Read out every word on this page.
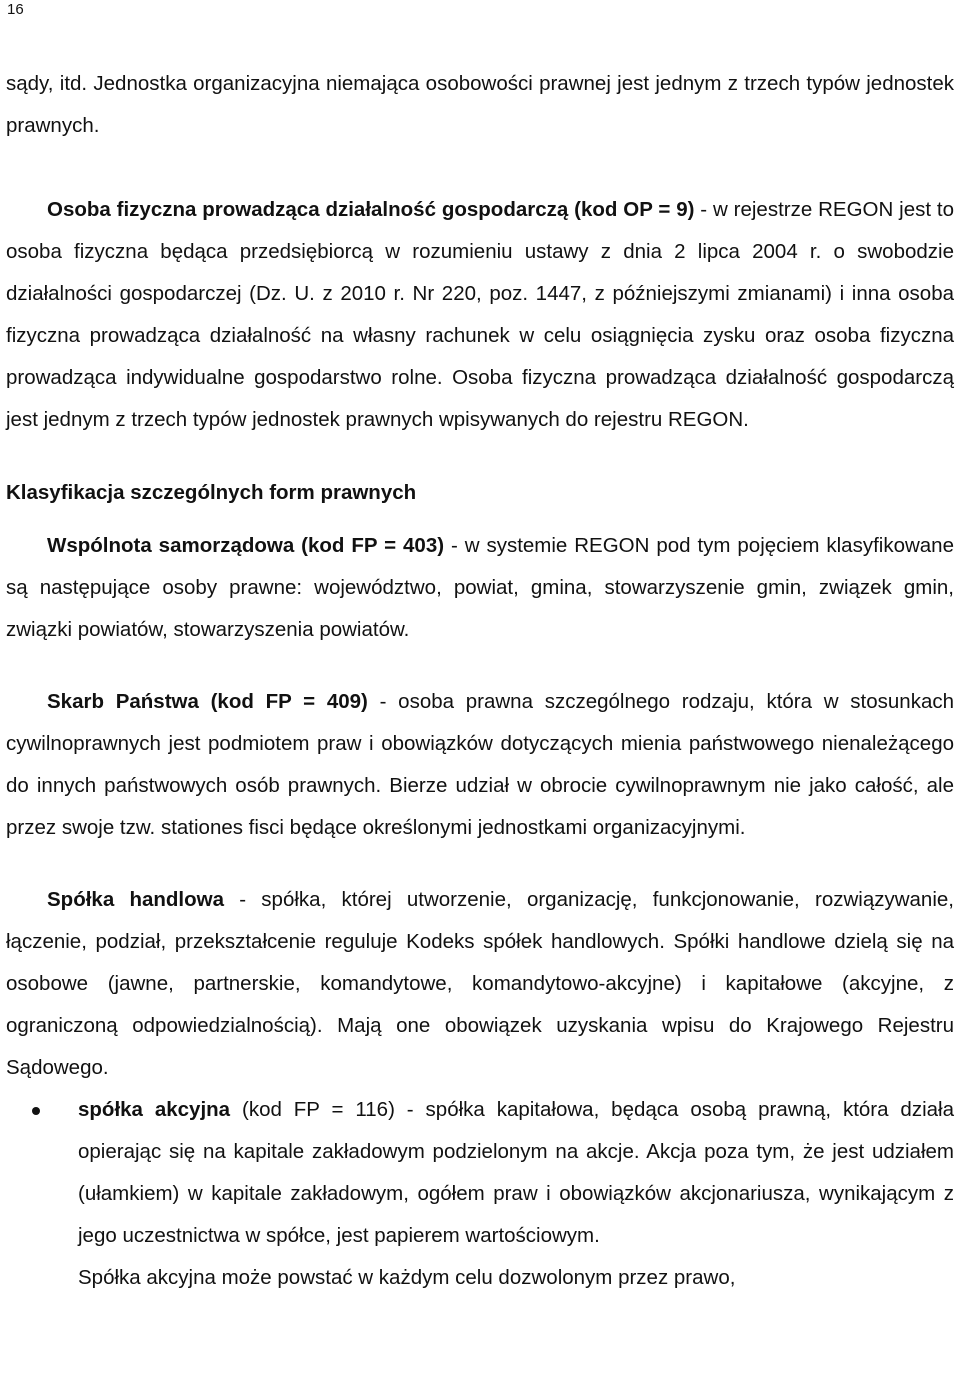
16

sądy, itd. Jednostka organizacyjna niemająca osobowości prawnej jest jednym z trzech typów jednostek prawnych.

Osoba fizyczna prowadząca działalność gospodarczą (kod OP = 9) - w rejestrze REGON jest to osoba fizyczna będąca przedsiębiorcą w rozumieniu ustawy z dnia 2 lipca 2004 r. o swobodzie działalności gospodarczej (Dz. U. z 2010 r. Nr 220, poz. 1447, z późniejszymi zmianami) i inna osoba fizyczna prowadząca działalność na własny rachunek w celu osiągnięcia zysku oraz osoba fizyczna prowadząca indywidualne gospodarstwo rolne. Osoba fizyczna prowadząca działalność gospodarczą jest jednym z trzech typów jednostek prawnych wpisywanych do rejestru REGON.

Klasyfikacja szczególnych form prawnych

Wspólnota samorządowa (kod FP = 403) - w systemie REGON pod tym pojęciem klasyfikowane są następujące osoby prawne: województwo, powiat, gmina, stowarzyszenie gmin, związek gmin, związki powiatów, stowarzyszenia powiatów.

Skarb Państwa (kod FP = 409) - osoba prawna szczególnego rodzaju, która w stosunkach cywilnoprawnych jest podmiotem praw i obowiązków dotyczących mienia państwowego nienależącego do innych państwowych osób prawnych. Bierze udział w obrocie cywilnoprawnym nie jako całość, ale przez swoje tzw. stationes fisci będące określonymi jednostkami organizacyjnymi.

Spółka handlowa - spółka, której utworzenie, organizację, funkcjonowanie, rozwiązywanie, łączenie, podział, przekształcenie reguluje Kodeks spółek handlowych. Spółki handlowe dzielą się na osobowe (jawne, partnerskie, komandytowe, komandytowo-akcyjne) i kapitałowe (akcyjne, z ograniczoną odpowiedzialnością). Mają one obowiązek uzyskania wpisu do Krajowego Rejestru Sądowego.

spółka akcyjna (kod FP = 116) - spółka kapitałowa, będąca osobą prawną, która działa opierając się na kapitale zakładowym podzielonym na akcje. Akcja poza tym, że jest udziałem (ułamkiem) w kapitale zakładowym, ogółem praw i obowiązków akcjonariusza, wynikającym z jego uczestnictwa w spółce, jest papierem wartościowym.

Spółka akcyjna może powstać w każdym celu dozwolonym przez prawo,
